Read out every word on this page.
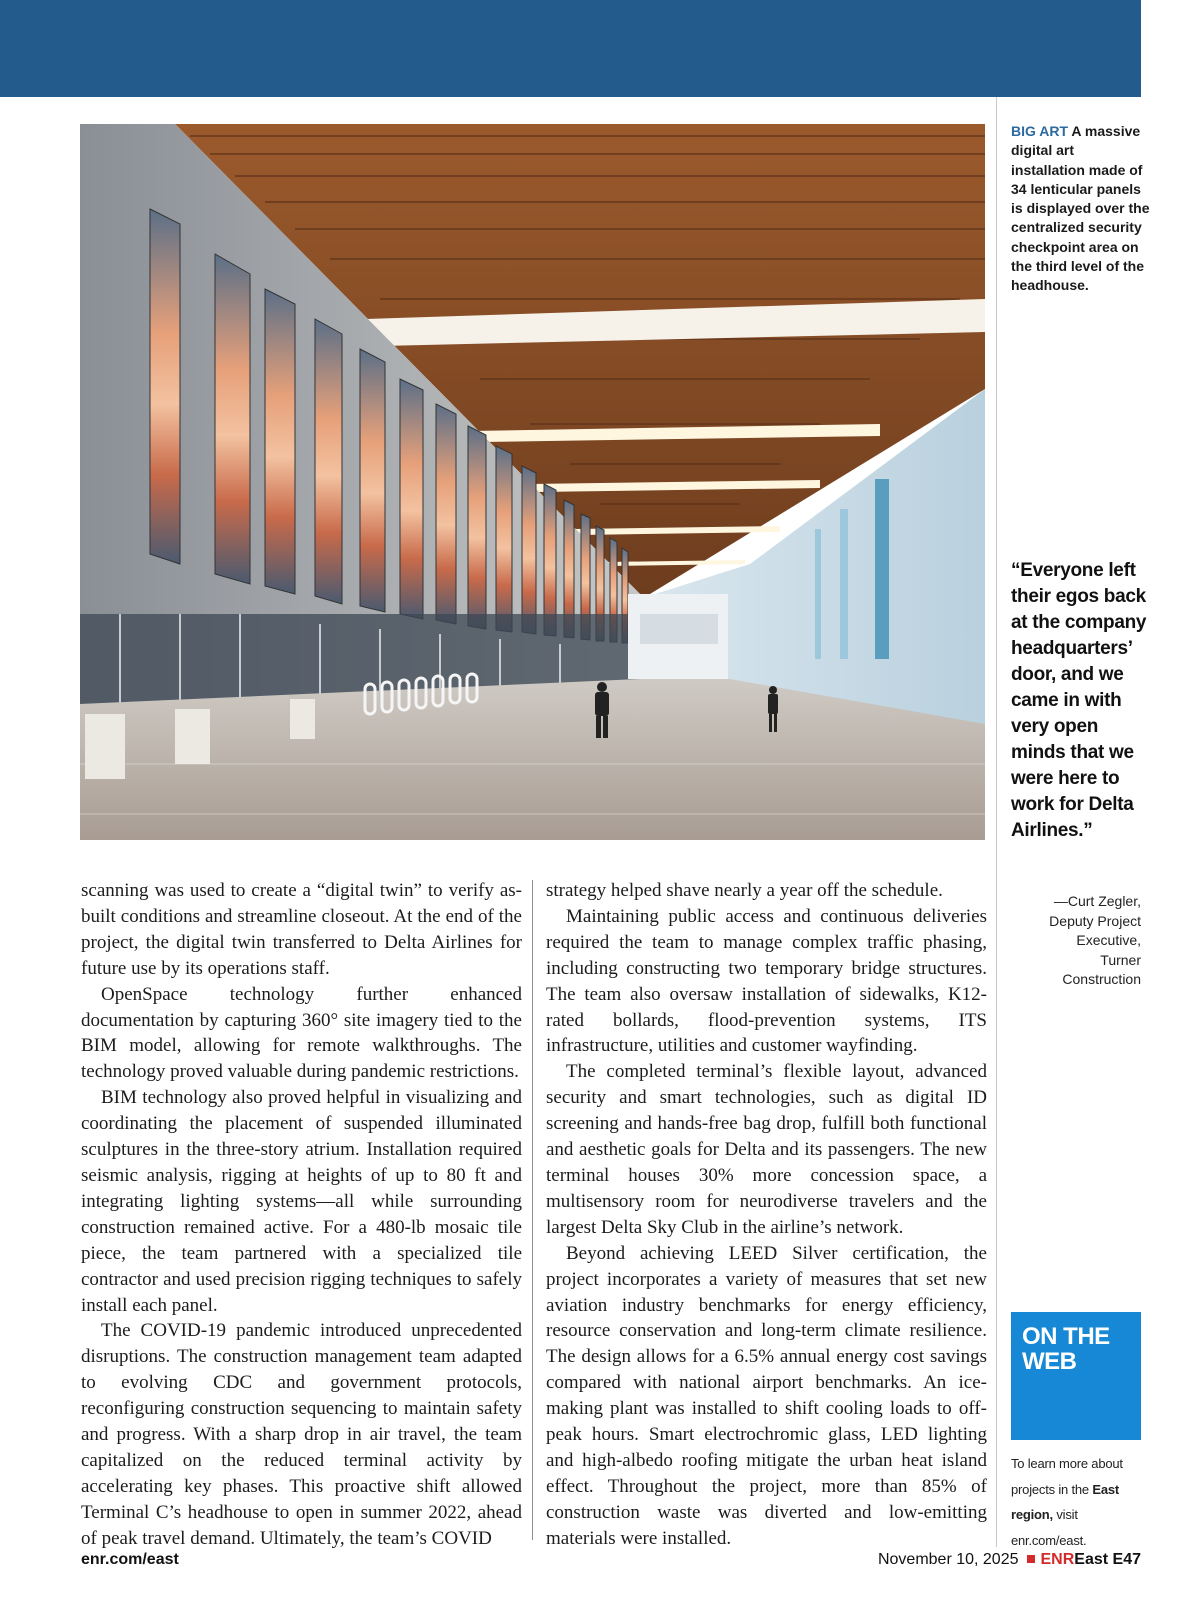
BIG ART A massive digital art installation made of 34 lenticular panels is displayed over the centralized security checkpoint area on the third level of the headhouse.
“Everyone left their egos back at the company headquarters’ door, and we came in with very open minds that we were here to work for Delta Airlines.”
—Curt Zegler,
Deputy Project
Executive,
Turner
Construction

scanning was used to create a “digital twin” to verify as-built conditions and streamline closeout. At the end of the project, the digital twin transferred to Delta Airlines for future use by its operations staff.

OpenSpace technology further enhanced documentation by capturing 360° site imagery tied to the BIM model, allowing for remote walkthroughs. The technology proved valuable during pandemic restrictions.

BIM technology also proved helpful in visualizing and coordinating the placement of suspended illuminated sculptures in the three-story atrium. Installation required seismic analysis, rigging at heights of up to 80 ft and integrating lighting systems—all while surrounding construction remained active. For a 480-lb mosaic tile piece, the team partnered with a specialized tile contractor and used precision rigging techniques to safely install each panel.

The COVID-19 pandemic introduced unprecedented disruptions. The construction management team adapted to evolving CDC and government protocols, reconfiguring construction sequencing to maintain safety and progress. With a sharp drop in air travel, the team capitalized on the reduced terminal activity by accelerating key phases. This proactive shift allowed Terminal C’s headhouse to open in summer 2022, ahead of peak travel demand. Ultimately, the team’s COVID

strategy helped shave nearly a year off the schedule.

Maintaining public access and continuous deliveries required the team to manage complex traffic phasing, including constructing two temporary bridge structures. The team also oversaw installation of sidewalks, K12-rated bollards, flood-prevention systems, ITS infrastructure, utilities and customer wayfinding.

The completed terminal’s flexible layout, advanced security and smart technologies, such as digital ID screening and hands-free bag drop, fulfill both functional and aesthetic goals for Delta and its passengers. The new terminal houses 30% more concession space, a multisensory room for neurodiverse travelers and the largest Delta Sky Club in the airline’s network.

Beyond achieving LEED Silver certification, the project incorporates a variety of measures that set new aviation industry benchmarks for energy efficiency, resource conservation and long-term climate resilience. The design allows for a 6.5% annual energy cost savings compared with national airport benchmarks. An ice-making plant was installed to shift cooling loads to off-peak hours. Smart electrochromic glass, LED lighting and high-albedo roofing mitigate the urban heat island effect. Throughout the project, more than 85% of construction waste was diverted and low-emitting materials were installed.

ON THE WEB
To learn more about projects in the East region, visit enr.com/east.
enr.com/east	November 10, 2025 ENREast E47
